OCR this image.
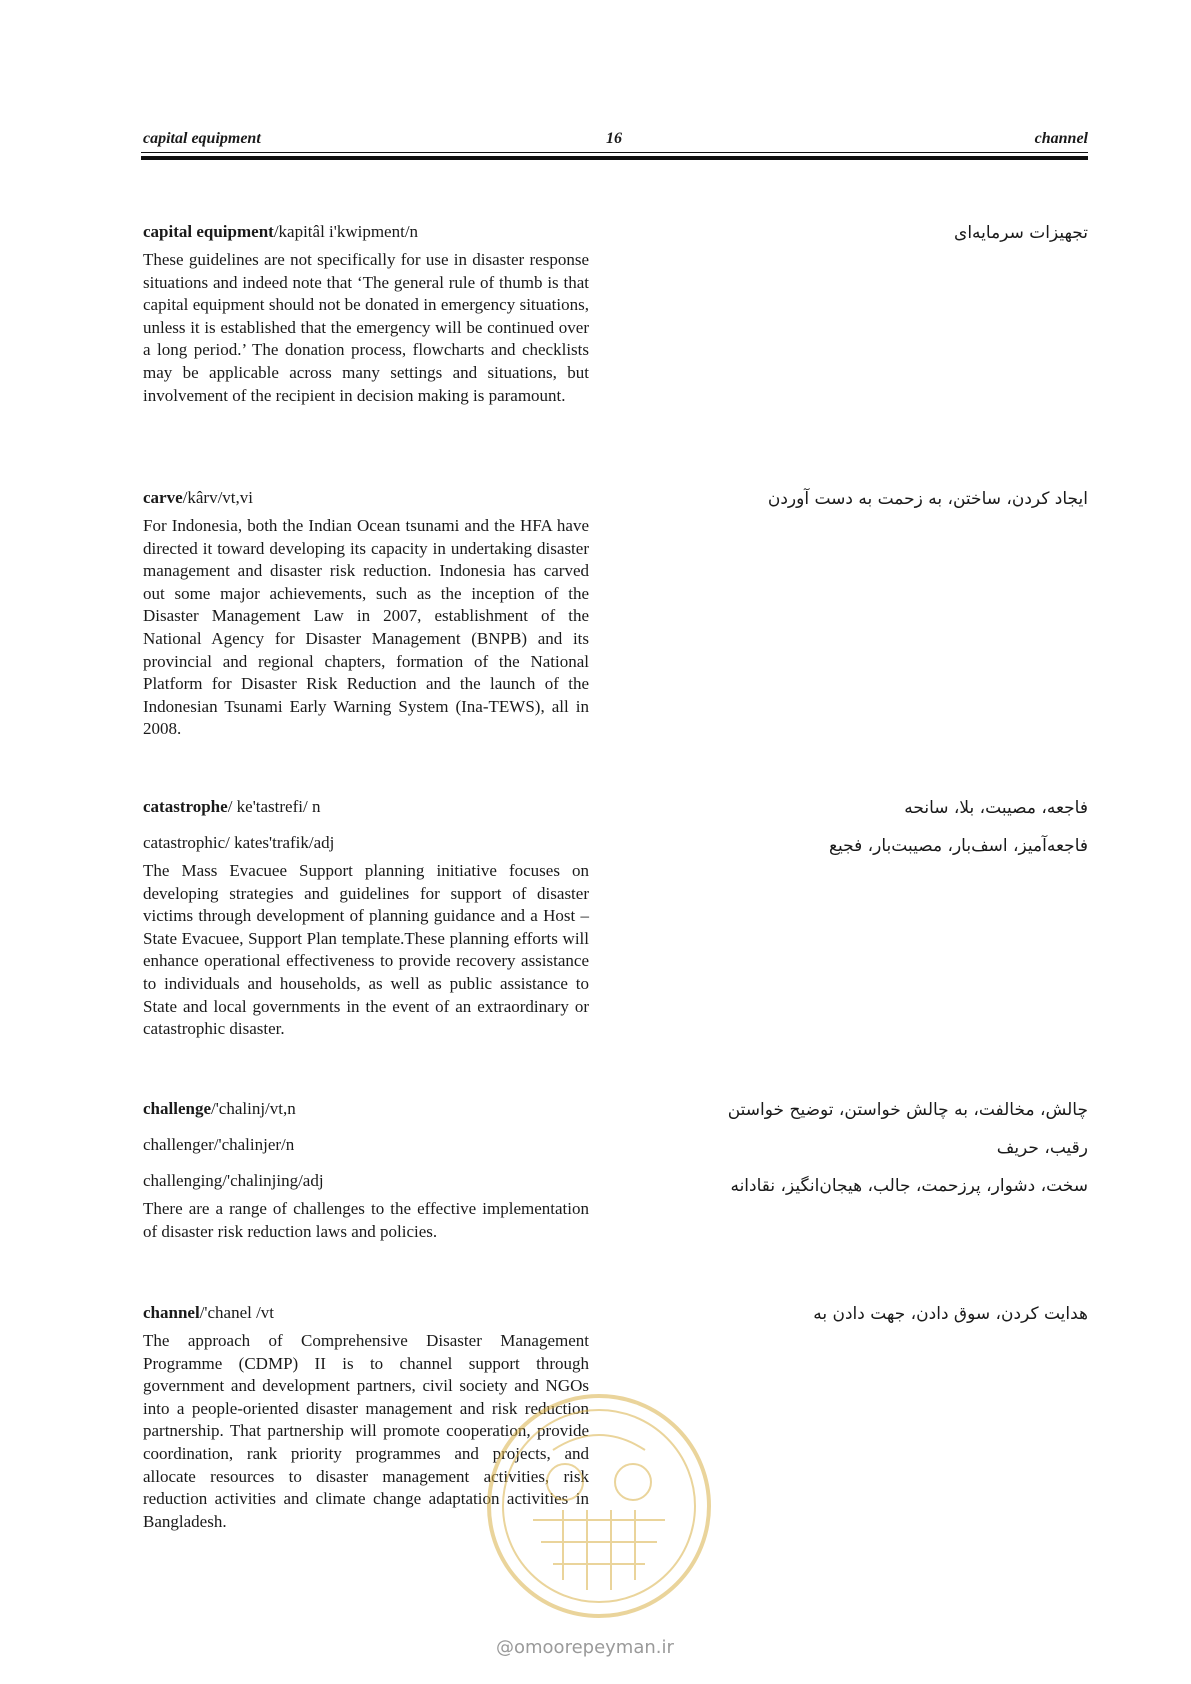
capital equipment	16	channel

capital equipment/kapitâl i'kwipment/n

These guidelines are not specifically for use in disaster response situations and indeed note that ‘The general rule of thumb is that capital equipment should not be donated in emergency situations, unless it is established that the emergency will be continued over a long period.’ The donation process, flowcharts and checklists may be applicable across many settings and situations, but involvement of the recipient in decision making is paramount.

تجهیزات سرمایه‌ای

carve/kârv/vt,vi

For Indonesia, both the Indian Ocean tsunami and the HFA have directed it toward developing its capacity in undertaking disaster management and disaster risk reduction. Indonesia has carved out some major achievements, such as the inception of the Disaster Management Law in 2007, establishment of the National Agency for Disaster Management (BNPB) and its provincial and regional chapters, formation of the National Platform for Disaster Risk Reduction and the launch of the Indonesian Tsunami Early Warning System (Ina-TEWS), all in 2008.

ایجاد کردن، ساختن، به زحمت به دست آوردن

catastrophe/ ke'tastrefi/ n

catastrophic/ kates'trafik/adj

The Mass Evacuee Support planning initiative focuses on developing strategies and guidelines for support of disaster victims through development of planning guidance and a Host – State Evacuee, Support Plan template.These planning efforts will enhance operational effectiveness to provide recovery assistance to individuals and households, as well as public assistance to State and local governments in the event of an extraordinary or catastrophic disaster.

فاجعه، مصیبت، بلا، سانحه
فاجعه‌آمیز، اسف‌بار، مصیبت‌بار، فجیع

challenge/'chalinj/vt,n

challenger/'chalinjer/n

challenging/'chalinjing/adj

There are a range of challenges to the effective implementation of disaster risk reduction laws and policies.

چالش، مخالفت، به چالش خواستن، توضیح خواستن
رقیب، حریف
سخت، دشوار، پرزحمت، جالب، هیجان‌انگیز، نقادانه

channel/'chanel /vt

The approach of Comprehensive Disaster Management Programme (CDMP) II is to channel support through government and development partners, civil society and NGOs into a people-oriented disaster management and risk reduction partnership. That partnership will promote cooperation, provide coordination, rank priority programmes and projects, and allocate resources to disaster management activities, risk reduction activities and climate change adaptation activities in Bangladesh.

هدایت کردن، سوق دادن، جهت دادن به
@omoorepeyman.ir
